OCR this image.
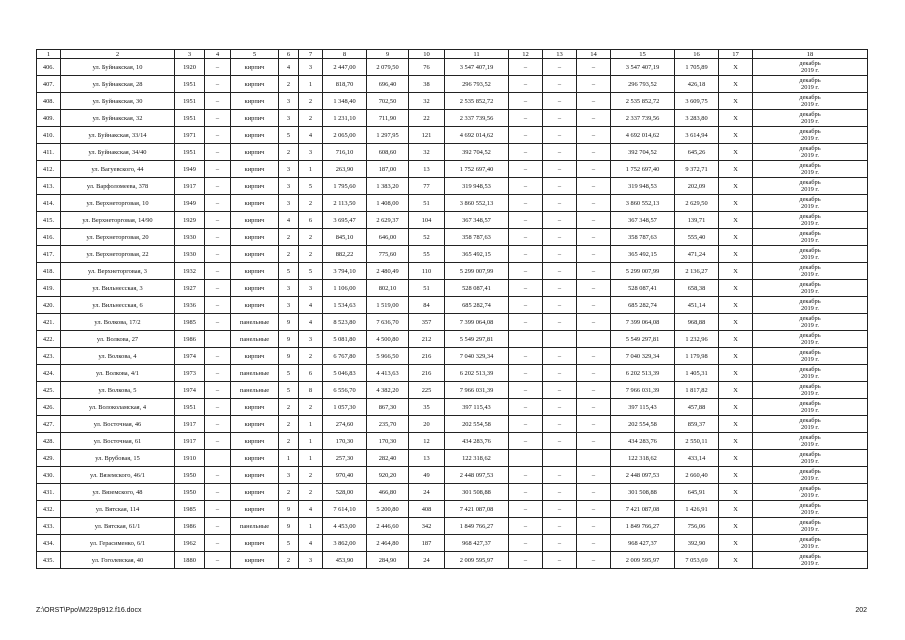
1	2	3	4	5	6	7	8	9	10	11	12	13	14	15	16	17	18
406.	ул. Буйнакская, 10	1920	–	кирпич	4	3	2 447,00	2 079,50	76	3 547 407,19	–	–	–	3 547 407,19	1 705,89	Х	декабрь
2019 г.

407.	ул. Буйнакская, 28	1951	–	кирпич	2	1	818,70	696,40	38	296 793,52	–	–	–	296 793,52	426,18	Х	декабрь
2019 г.

408.	ул. Буйнакская, 30	1951	–	кирпич	3	2	1 348,40	702,50	32	2 535 852,72	–	–	–	2 535 852,72	3 609,75	Х	декабрь
2019 г.

409.	ул. Буйнакская, 32	1951	–	кирпич	3	2	1 231,10	711,90	22	2 337 739,56	–	–	–	2 337 739,56	3 283,80	Х	декабрь
2019 г.

410.	ул. Буйнакская, 33/14	1971	–	кирпич	5	4	2 065,00	1 297,95	121	4 692 014,62	–	–	–	4 692 014,62	3 614,94	Х	декабрь
2019 г.

411.	ул. Буйнакская, 34/40	1951	–	кирпич	2	3	716,10	608,60	32	392 704,52	–	–	–	392 704,52	645,26	Х	декабрь
2019 г.

412.	ул. Вагуевского, 44	1949	–	кирпич	3	1	263,90	187,00	13	1 752 697,40	–	–	–	1 752 697,40	9 372,71	Х	декабрь
2019 г.

413.	ул. Варфоломеева, 378	1917	–	кирпич	3	5	1 795,60	1 383,20	77	319 948,53	–	–	–	319 948,53	202,09	Х	декабрь
2019 г.

414.	ул. Верхнеторговая, 10	1949	–	кирпич	3	2	2 113,50	1 408,00	51	3 860 552,13	–	–	–	3 860 552,13	2 629,50	Х	декабрь
2019 г.

415.	ул. Верхнеторговая, 14/90	1929	–	кирпич	4	6	3 695,47	2 629,37	104	367 348,57	–	–	–	367 348,57	139,71	Х	декабрь
2019 г.

416.	ул. Верхнеторговая, 20	1930	–	кирпич	2	2	845,10	646,00	52	358 787,63	–	–	–	358 787,63	555,40	Х	декабрь
2019 г.

417.	ул. Верхнеторговая, 22	1930	–	кирпич	2	2	882,22	775,60	55	365 492,15	–	–	–	365 492,15	471,24	Х	декабрь
2019 г.

418.	ул. Верхнеторговая, 3	1932	–	кирпич	5	5	3 794,10	2 480,49	110	5 299 007,99	–	–	–	5 299 007,99	2 136,27	Х	декабрь
2019 г.

419.	ул. Вильнесская, 3	1927	–	кирпич	3	3	1 106,00	802,10	51	528 087,41	–	–	–	528 087,41	658,38	Х	декабрь
2019 г.

420.	ул. Вильнесская, 6	1936	–	кирпич	3	4	1 534,63	1 519,00	84	685 282,74	–	–	–	685 282,74	451,14	Х	декабрь
2019 г.

421.	ул. Волкова, 17/2	1985	–	панельные	9	4	8 523,80	7 636,70	357	7 399 064,08	–	–	–	7 399 064,08	968,88	Х	декабрь
2019 г.

422.	ул. Волкова, 27	1986		панельные	9	3	5 081,80	4 500,80	212	5 549 297,81				5 549 297,81	1 232,96	Х	декабрь
2019 г.

423.	ул. Волкова, 4	1974	–	кирпич	9	2	6 767,80	5 966,50	216	7 040 329,34	–	–	–	7 040 329,34	1 179,98	Х	декабрь
2019 г.

424.	ул. Волкова, 4/1	1973	–	панельные	5	6	5 046,83	4 413,63	216	6 202 513,39	–	–	–	6 202 513,39	1 405,31	Х	декабрь
2019 г.

425.	ул. Волкова, 5	1974	–	панельные	5	8	6 556,70	4 382,20	225	7 966 031,39	–	–	–	7 966 031,39	1 817,82	Х	декабрь
2019 г.

426.	ул. Волоколамская, 4	1951	–	кирпич	2	2	1 057,30	867,30	35	397 115,43	–	–	–	397 115,43	457,88	Х	декабрь
2019 г.

427.	ул. Восточная, 46	1917	–	кирпич	2	1	274,60	235,70	20	202 554,58	–	–	–	202 554,58	859,37	Х	декабрь
2019 г.

428.	ул. Восточная, 61	1917	–	кирпич	2	1	170,30	170,30	12	434 283,76	–	–	–	434 283,76	2 550,11	Х	декабрь
2019 г.

429.	ул. Врубовая, 15	1910		кирпич	1	1	257,30	282,40	13	122 318,62				122 318,62	433,14	Х	декабрь
2019 г.

430.	ул. Вяземского, 46/1	1950	–	кирпич	3	2	970,40	920,20	49	2 448 097,53	–	–	–	2 448 097,53	2 660,40	Х	декабрь
2019 г.

431.	ул. Вяземского, 48	1950	–	кирпич	2	2	528,00	466,80	24	301 508,88	–	–	–	301 508,88	645,91	Х	декабрь
2019 г.

432.	ул. Вятская, 114	1985	–	кирпич	9	4	7 614,10	5 200,80	408	7 421 087,08	–	–	–	7 421 087,08	1 426,91	Х	декабрь
2019 г.

433.	ул. Вятская, 61/1	1986	–	панельные	9	1	4 453,00	2 446,60	342	1 849 766,27	–	–	–	1 849 766,27	756,06	Х	декабрь
2019 г.

434.	ул. Герасименко, 6/1	1962	–	кирпич	5	4	3 862,00	2 464,80	187	968 427,37	–	–	–	968 427,37	392,90	Х	декабрь
2019 г.

435.	ул. Гоголевская, 40	1880	–	кирпич	2	3	453,90	284,90	24	2 009 595,97	–	–	–	2 009 595,97	7 053,69	Х	декабрь
2019 г.
Z:\ORST\Ppo\M229p912.f16.docx	202
